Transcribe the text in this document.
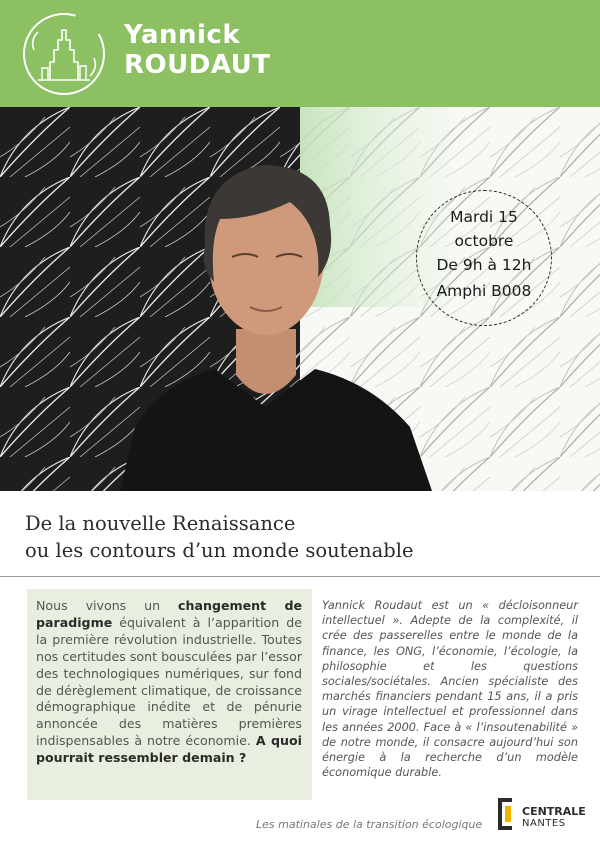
Yannick
ROUDAUT
Mardi 15
octobre
De 9h à 12h
Amphi B008
De la nouvelle Renaissance
ou les contours d’un monde soutenable
Nous vivons un changement de paradigme équivalent à l’apparition de la première révolution industrielle. Toutes nos certitudes sont bousculées par l’essor des technologiques numériques, sur fond de dérèglement climatique, de croissance démographique inédite et de pénurie annoncée des matières premières indispensables à notre économie. A quoi pourrait ressembler demain ?
Yannick Roudaut est un « décloisonneur intellectuel ». Adepte de la complexité, il crée des passerelles entre le monde de la finance, les ONG, l’économie, l’écologie, la philosophie et les questions sociales/sociétales. Ancien spécialiste des marchés financiers pendant 15 ans, il a pris un virage intellectuel et professionnel dans les années 2000. Face à « l’insoutenabilité » de notre monde, il consacre aujourd’hui son énergie à la recherche d’un modèle économique durable.
Les matinales de la transition écologique
CENTRALE
NANTES
